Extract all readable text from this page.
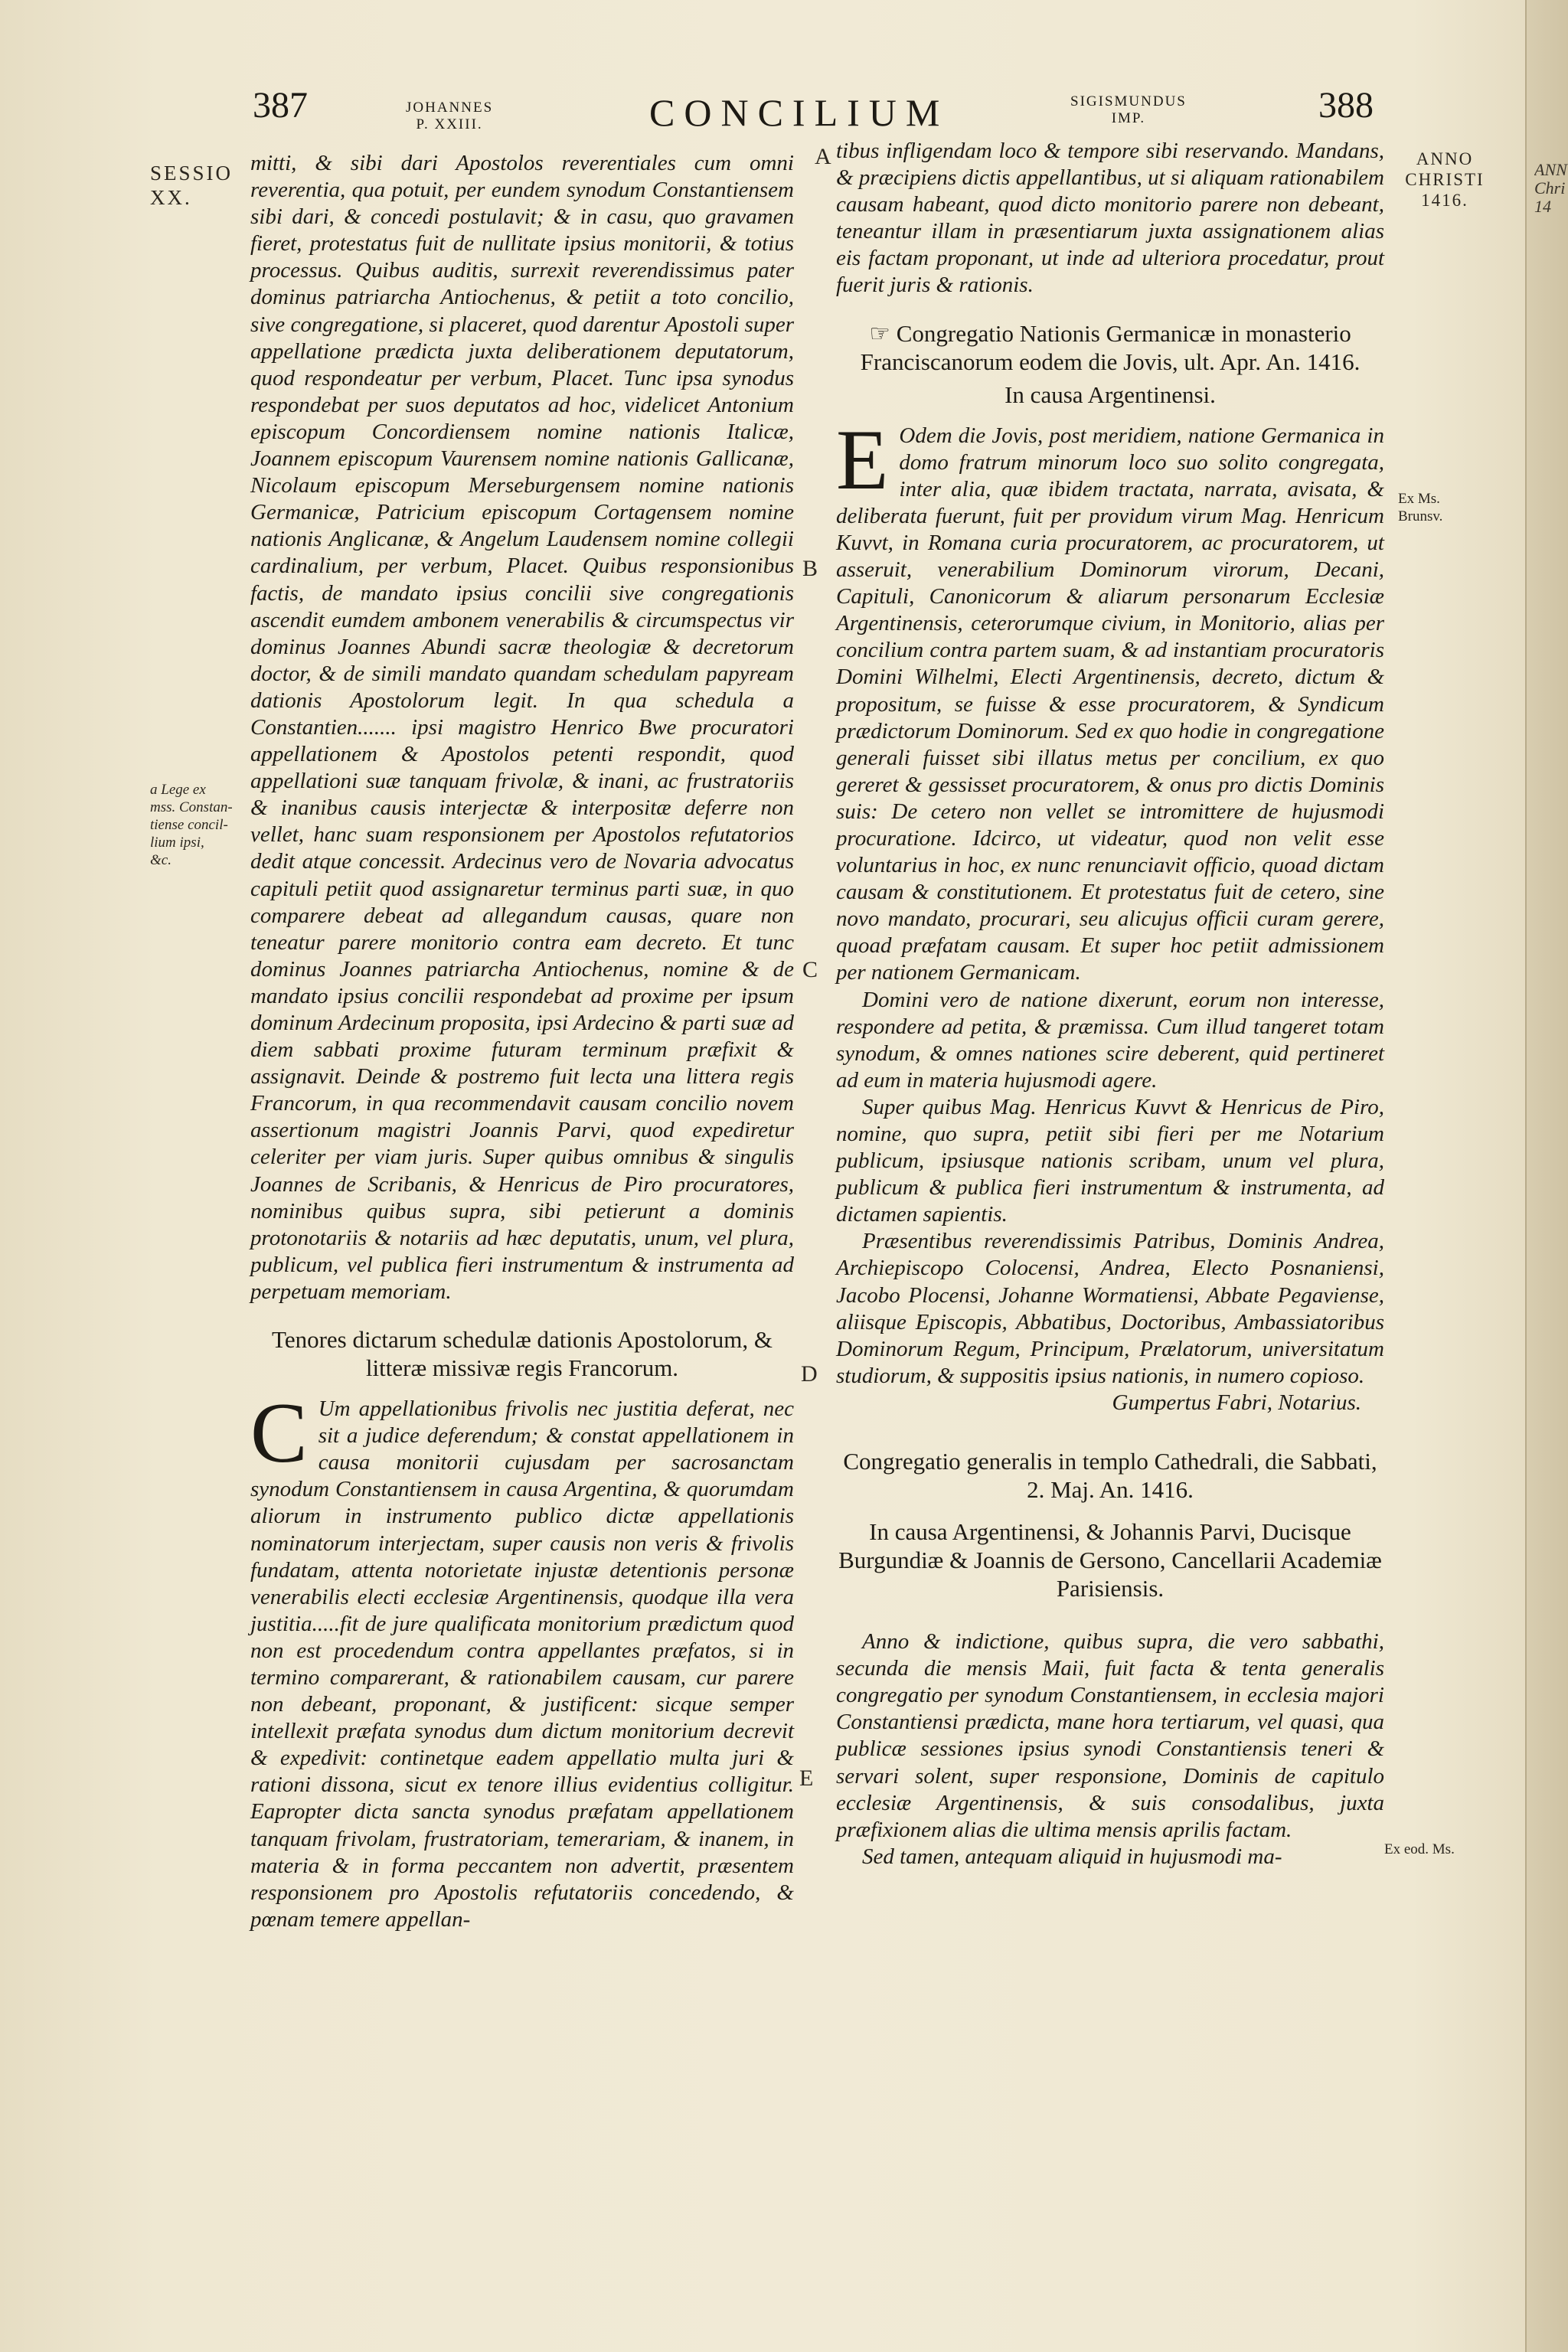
387	JOHANNES
P. XXIII.	CONCILIUM	SIGISMUNDUS
IMP.	388
SESSIO
XX.
ANNO
CHRISTI
1416.
a Lege ex
mss. Constan-
tiense concil-
lium ipsi,
&c.
Ex Ms.
Brunsv.
Ex eod. Ms.
A
B
C
D
E

mitti, & sibi dari Apostolos reverentiales cum omni reverentia, qua potuit, per eundem synodum Constantiensem sibi dari, & concedi postulavit; & in casu, quo gravamen fieret, protestatus fuit de nullitate ipsius monitorii, & totius processus. Quibus auditis, surrexit reverendissimus pater dominus patriarcha Antiochenus, & petiit a toto concilio, sive congregatione, si placeret, quod darentur Apostoli super appellatione prædicta juxta deliberationem deputatorum, quod respondeatur per verbum, Placet. Tunc ipsa synodus respondebat per suos deputatos ad hoc, videlicet Antonium episcopum Concordiensem nomine nationis Italicæ, Joannem episcopum Vaurensem nomine nationis Gallicanæ, Nicolaum episcopum Merseburgensem nomine nationis Germanicæ, Patricium episcopum Cortagensem nomine nationis Anglicanæ, & Angelum Laudensem nomine collegii cardinalium, per verbum, Placet. Quibus responsionibus factis, de mandato ipsius concilii sive congregationis ascendit eumdem ambonem venerabilis & circumspectus vir dominus Joannes Abundi sacræ theologiæ & decretorum doctor, & de simili mandato quandam schedulam papyream dationis Apostolorum legit. In qua schedula a Constantien....... ipsi magistro Henrico Bwe procuratori appellationem & Apostolos petenti respondit, quod appellationi suæ tanquam frivolæ, & inani, ac frustratoriis & inanibus causis interjectæ & interpositæ deferre non vellet, hanc suam responsionem per Apostolos refutatorios dedit atque concessit. Ardecinus vero de Novaria advocatus capituli petiit quod assignaretur terminus parti suæ, in quo comparere debeat ad allegandum causas, quare non teneatur parere monitorio contra eam decreto. Et tunc dominus Joannes patriarcha Antiochenus, nomine & de mandato ipsius concilii respondebat ad proxime per ipsum dominum Ardecinum proposita, ipsi Ardecino & parti suæ ad diem sabbati proxime futuram terminum præfixit & assignavit. Deinde & postremo fuit lecta una littera regis Francorum, in qua recommendavit causam concilio novem assertionum magistri Joannis Parvi, quod expediretur celeriter per viam juris. Super quibus omnibus & singulis Joannes de Scribanis, & Henricus de Piro procuratores, nominibus quibus supra, sibi petierunt a dominis protonotariis & notariis ad hæc deputatis, unum, vel plura, publicum, vel publica fieri instrumentum & instrumenta ad perpetuam memoriam.

Tenores dictarum schedulæ dationis Apostolorum, & litteræ missivæ regis Francorum.
C Um appellationibus frivolis nec justitia deferat, nec sit a judice deferendum; & constat appellationem in causa monitorii cujusdam per sacrosanctam synodum Constantiensem in causa Argentina, & quorumdam aliorum in instrumento publico dictæ appellationis nominatorum interjectam, super causis non veris & frivolis fundatam, attenta notorietate injustæ detentionis personæ venerabilis electi ecclesiæ Argentinensis, quodque illa vera justitia.....fit de jure qualificata monitorium prædictum quod non est procedendum contra appellantes præfatos, si in termino comparerant, & rationabilem causam, cur parere non debeant, proponant, & justificent: sicque semper intellexit præfata synodus dum dictum monitorium decrevit & expedivit: continetque eadem appellatio multa juri & rationi dissona, sicut ex tenore illius evidentius colligitur. Eapropter dicta sancta synodus præfatam appellationem tanquam frivolam, frustratoriam, temerariam, & inanem, in materia & in forma peccantem non advertit, præsentem responsionem pro Apostolis refutatoriis concedendo, & pœnam temere appellan-

tibus infligendam loco & tempore sibi reservando. Mandans, & præcipiens dictis appellantibus, ut si aliquam rationabilem causam habeant, quod dicto monitorio parere non debeant, teneantur illam in præsentiarum juxta assignationem alias eis factam proponant, ut inde ad ulteriora procedatur, prout fuerit juris & rationis.

☞ Congregatio Nationis Germanicæ in monasterio Franciscanorum eodem die Jovis, ult. Apr. An. 1416.
In causa Argentinensi.
E Odem die Jovis, post meridiem, natione Germanica in domo fratrum minorum loco suo solito congregata, inter alia, quæ ibidem tractata, narrata, avisata, & deliberata fuerunt, fuit per providum virum Mag. Henricum Kuvvt, in Romana curia procuratorem, ac procuratorem, ut asseruit, venerabilium Dominorum virorum, Decani, Capituli, Canonicorum & aliarum personarum Ecclesiæ Argentinensis, ceterorumque civium, in Monitorio, alias per concilium contra partem suam, & ad instantiam procuratoris Domini Wilhelmi, Electi Argentinensis, decreto, dictum & propositum, se fuisse & esse procuratorem, & Syndicum prædictorum Dominorum. Sed ex quo hodie in congregatione generali fuisset sibi illatus metus per concilium, ex quo gereret & gessisset procuratorem, & onus pro dictis Dominis suis: De cetero non vellet se intromittere de hujusmodi procuratione. Idcirco, ut videatur, quod non velit esse voluntarius in hoc, ex nunc renunciavit officio, quoad dictam causam & constitutionem. Et protestatus fuit de cetero, sine novo mandato, procurari, seu alicujus officii curam gerere, quoad præfatam causam. Et super hoc petiit admissionem per nationem Germanicam.

Domini vero de natione dixerunt, eorum non interesse, respondere ad petita, & præmissa. Cum illud tangeret totam synodum, & omnes nationes scire deberent, quid pertineret ad eum in materia hujusmodi agere.

Super quibus Mag. Henricus Kuvvt & Henricus de Piro, nomine, quo supra, petiit sibi fieri per me Notarium publicum, ipsiusque nationis scribam, unum vel plura, publicum & publica fieri instrumentum & instrumenta, ad dictamen sapientis.

Præsentibus reverendissimis Patribus, Dominis Andrea, Archiepiscopo Colocensi, Andrea, Electo Posnaniensi, Jacobo Plocensi, Johanne Wormatiensi, Abbate Pegaviense, aliisque Episcopis, Abbatibus, Doctoribus, Ambassiatoribus Dominorum Regum, Principum, Prælatorum, universitatum studiorum, & suppositis ipsius nationis, in numero copioso.

Gumpertus Fabri, Notarius.

Congregatio generalis in templo Cathedrali, die Sabbati, 2. Maj. An. 1416.
In causa Argentinensi, & Johannis Parvi, Ducisque Burgundiæ & Joannis de Gersono, Cancellarii Academiæ Parisiensis.

Anno & indictione, quibus supra, die vero sabbathi, secunda die mensis Maii, fuit facta & tenta generalis congregatio per synodum Constantiensem, in ecclesia majori Constantiensi prædicta, mane hora tertiarum, vel quasi, qua publicæ sessiones ipsius synodi Constantiensis teneri & servari solent, super responsione, Dominis de capitulo ecclesiæ Argentinensis, & suis consodalibus, juxta præfixionem alias die ultima mensis aprilis factam.

Sed tamen, antequam aliquid in hujusmodi ma-

ANN
Chri
14
